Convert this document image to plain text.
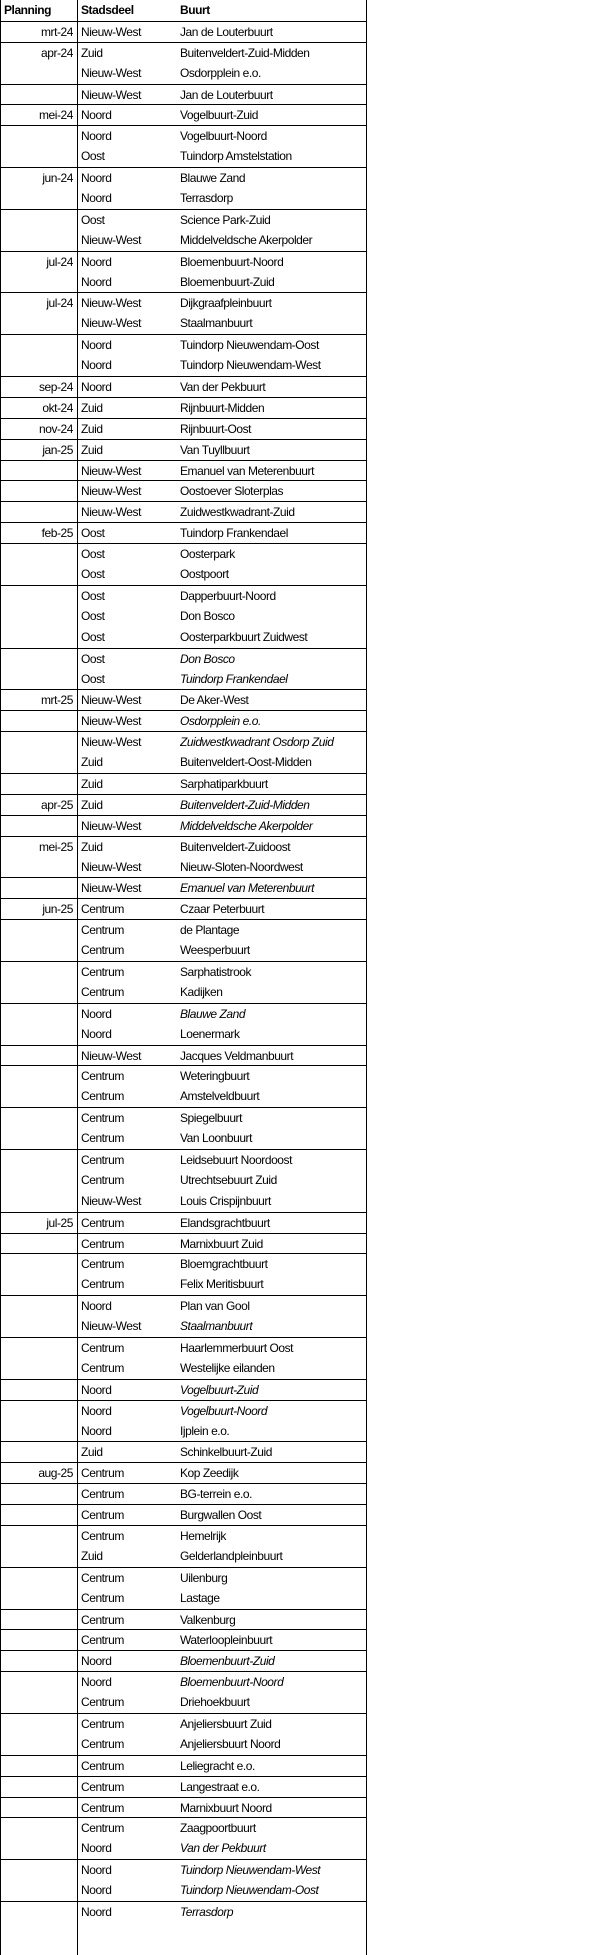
Planning	Stadsdeel	Buurt
mrt-24 Nieuw-West	Jan de Louterbuurt
apr-24 Zuid	Buitenveldert-Zuid-Midden
Nieuw-West	Osdorpplein e.o.
Nieuw-West	Jan de Louterbuurt
mei-24 Noord	Vogelbuurt-Zuid
Noord	Vogelbuurt-Noord
Oost	Tuindorp Amstelstation
jun-24 Noord	Blauwe Zand
Noord	Terrasdorp
Oost	Science Park-Zuid
Nieuw-West	Middelveldsche Akerpolder
jul-24 Noord	Bloemenbuurt-Noord
Noord	Bloemenbuurt-Zuid
jul-24 Nieuw-West	Dijkgraafpleinbuurt
Nieuw-West	Staalmanbuurt
Noord	Tuindorp Nieuwendam-Oost
Noord	Tuindorp Nieuwendam-West
sep-24 Noord	Van der Pekbuurt
okt-24 Zuid	Rijnbuurt-Midden
nov-24 Zuid	Rijnbuurt-Oost
jan-25 Zuid	Van Tuyllbuurt
Nieuw-West	Emanuel van Meterenbuurt
Nieuw-West	Oostoever Sloterplas
Nieuw-West	Zuidwestkwadrant-Zuid
feb-25 Oost	Tuindorp Frankendael
Oost	Oosterpark
Oost	Oostpoort
Oost	Dapperbuurt-Noord
Oost	Don Bosco
Oost	Oosterparkbuurt Zuidwest
Oost	Don Bosco
Oost	Tuindorp Frankendael
mrt-25 Nieuw-West	De Aker-West
Nieuw-West	Osdorpplein e.o.
Nieuw-West	Zuidwestkwadrant Osdorp Zuid
Zuid	Buitenveldert-Oost-Midden
Zuid	Sarphatiparkbuurt
apr-25 Zuid	Buitenveldert-Zuid-Midden
Nieuw-West	Middelveldsche Akerpolder
mei-25 Zuid	Buitenveldert-Zuidoost
Nieuw-West	Nieuw-Sloten-Noordwest
Nieuw-West	Emanuel van Meterenbuurt
jun-25 Centrum	Czaar Peterbuurt
Centrum	de Plantage
Centrum	Weesperbuurt
Centrum	Sarphatistrook
Centrum	Kadijken
Noord	Blauwe Zand
Noord	Loenermark
Nieuw-West	Jacques Veldmanbuurt
Centrum	Weteringbuurt
Centrum	Amstelveldbuurt
Centrum	Spiegelbuurt
Centrum	Van Loonbuurt
Centrum	Leidsebuurt Noordoost
Centrum	Utrechtsebuurt Zuid
Nieuw-West	Louis Crispijnbuurt
jul-25 Centrum	Elandsgrachtbuurt
Centrum	Marnixbuurt Zuid
Centrum	Bloemgrachtbuurt
Centrum	Felix Meritisbuurt
Noord	Plan van Gool
Nieuw-West	Staalmanbuurt
Centrum	Haarlemmerbuurt Oost
Centrum	Westelijke eilanden
Noord	Vogelbuurt-Zuid
Noord	Vogelbuurt-Noord
Noord	Ijplein e.o.
Zuid	Schinkelbuurt-Zuid
aug-25 Centrum	Kop Zeedijk
Centrum	BG-terrein e.o.
Centrum	Burgwallen Oost
Centrum	Hemelrijk
Zuid	Gelderlandpleinbuurt
Centrum	Uilenburg
Centrum	Lastage
Centrum	Valkenburg
Centrum	Waterloopleinbuurt
Noord	Bloemenbuurt-Zuid
Noord	Bloemenbuurt-Noord
Centrum	Driehoekbuurt
Centrum	Anjeliersbuurt Zuid
Centrum	Anjeliersbuurt Noord
Centrum	Leliegracht e.o.
Centrum	Langestraat e.o.
Centrum	Marnixbuurt Noord
Centrum	Zaagpoortbuurt
Noord	Van der Pekbuurt
Noord	Tuindorp Nieuwendam-West
Noord	Tuindorp Nieuwendam-Oost
Noord	Terrasdorp
